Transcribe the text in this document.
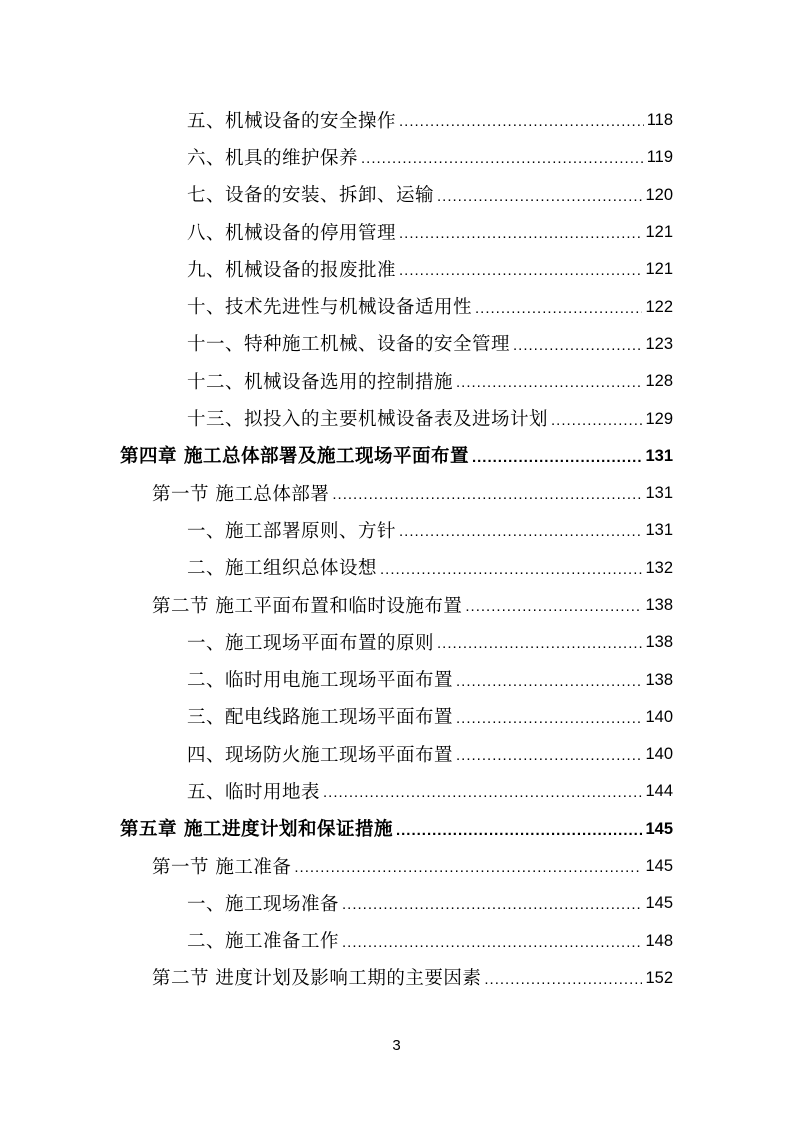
五、机械设备的安全操作 .....	118
六、机具的维护保养 .....	119
七、设备的安装、拆卸、运输 .....	120
八、机械设备的停用管理 .....	121
九、机械设备的报废批准 .....	121
十、技术先进性与机械设备适用性 .....	122
十一、特种施工机械、设备的安全管理 .....	123
十二、机械设备选用的控制措施 .....	128
十三、拟投入的主要机械设备表及进场计划 .....	129
第四章 施工总体部署及施工现场平面布置 .....	131
第一节 施工总体部署 .....	131
一、施工部署原则、方针 .....	131
二、施工组织总体设想 .....	132
第二节 施工平面布置和临时设施布置 .....	138
一、施工现场平面布置的原则 .....	138
二、临时用电施工现场平面布置 .....	138
三、配电线路施工现场平面布置 .....	140
四、现场防火施工现场平面布置 .....	140
五、临时用地表 .....	144
第五章 施工进度计划和保证措施 .....	145
第一节 施工准备 .....	145
一、施工现场准备 .....	145
二、施工准备工作 .....	148
第二节 进度计划及影响工期的主要因素 .....	152
3
